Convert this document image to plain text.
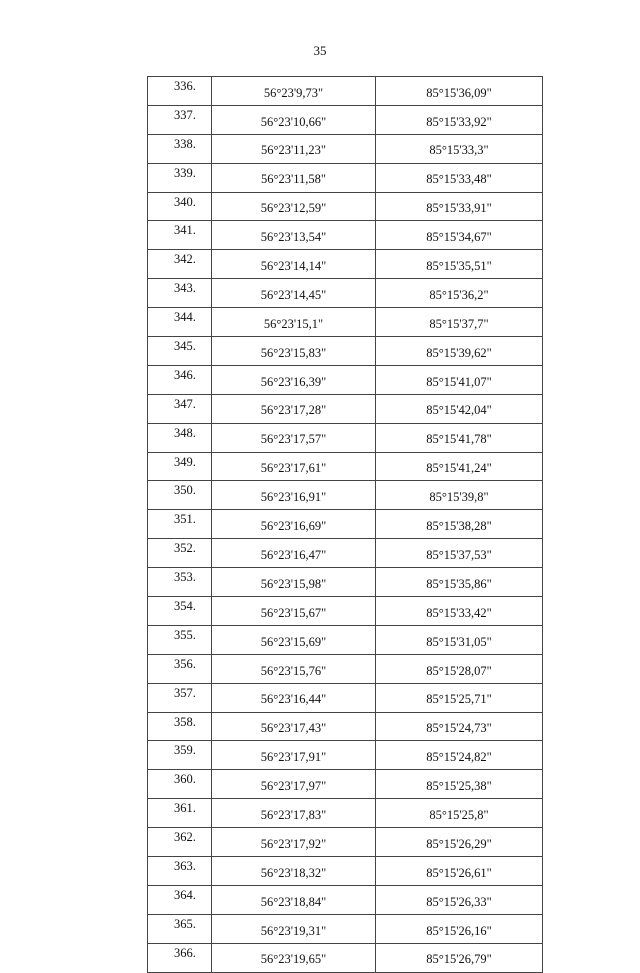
35
336.	56°23'9,73"	85°15'36,09"
337.	56°23'10,66"	85°15'33,92"
338.	56°23'11,23"	85°15'33,3"
339.	56°23'11,58"	85°15'33,48"
340.	56°23'12,59"	85°15'33,91"
341.	56°23'13,54"	85°15'34,67"
342.	56°23'14,14"	85°15'35,51"
343.	56°23'14,45"	85°15'36,2"
344.	56°23'15,1"	85°15'37,7"
345.	56°23'15,83"	85°15'39,62"
346.	56°23'16,39"	85°15'41,07"
347.	56°23'17,28"	85°15'42,04"
348.	56°23'17,57"	85°15'41,78"
349.	56°23'17,61"	85°15'41,24"
350.	56°23'16,91"	85°15'39,8"
351.	56°23'16,69"	85°15'38,28"
352.	56°23'16,47"	85°15'37,53"
353.	56°23'15,98"	85°15'35,86"
354.	56°23'15,67"	85°15'33,42"
355.	56°23'15,69"	85°15'31,05"
356.	56°23'15,76"	85°15'28,07"
357.	56°23'16,44"	85°15'25,71"
358.	56°23'17,43"	85°15'24,73"
359.	56°23'17,91"	85°15'24,82"
360.	56°23'17,97"	85°15'25,38"
361.	56°23'17,83"	85°15'25,8"
362.	56°23'17,92"	85°15'26,29"
363.	56°23'18,32"	85°15'26,61"
364.	56°23'18,84"	85°15'26,33"
365.	56°23'19,31"	85°15'26,16"
366.	56°23'19,65"	85°15'26,79"
